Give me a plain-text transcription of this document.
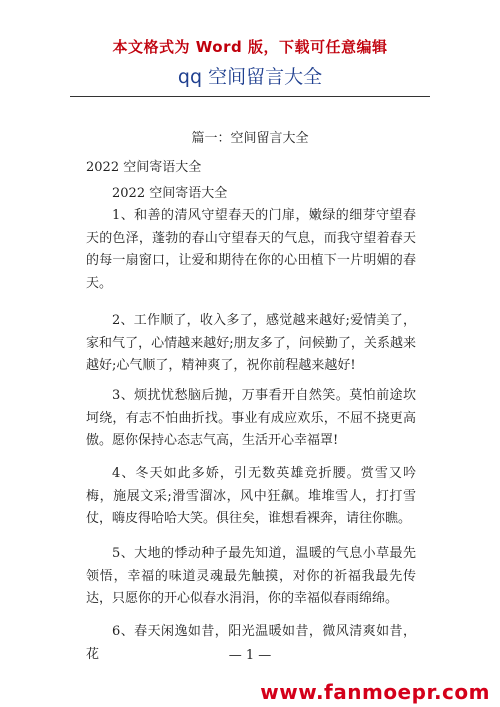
本文格式为 Word 版，下载可任意编辑
qq 空间留言大全
篇一：空间留言大全
2022 空间寄语大全
2022 空间寄语大全
1、和善的清风守望春天的门扉，嫩绿的细芽守望春天的色泽，蓬勃的春山守望春天的气息，而我守望着春天的每一扇窗口，让爱和期待在你的心田植下一片明媚的春天。
2、工作顺了，收入多了，感觉越来越好;爱情美了，家和气了，心情越来越好;朋友多了，问候勤了，关系越来越好;心气顺了，精神爽了，祝你前程越来越好!
3、烦扰忧愁脑后抛，万事看开自然笑。莫怕前途坎坷绕，有志不怕曲折找。事业有成应欢乐，不屈不挠更高傲。愿你保持心态志气高，生活开心幸福罩!
4、冬天如此多娇，引无数英雄竞折腰。赏雪又吟梅，施展文采;滑雪溜冰，风中狂飙。堆堆雪人，打打雪仗，嗨皮得哈哈大笑。俱往矣，谁想看裸奔，请往你瞧。
5、大地的悸动种子最先知道，温暖的气息小草最先领悟，幸福的味道灵魂最先触摸，对你的祈福我最先传达，只愿你的开心似春水涓涓，你的幸福似春雨绵绵。
6、春天闲逸如昔，阳光温暖如昔，微风清爽如昔，花	— 1 —
www.fanmoepr.com
